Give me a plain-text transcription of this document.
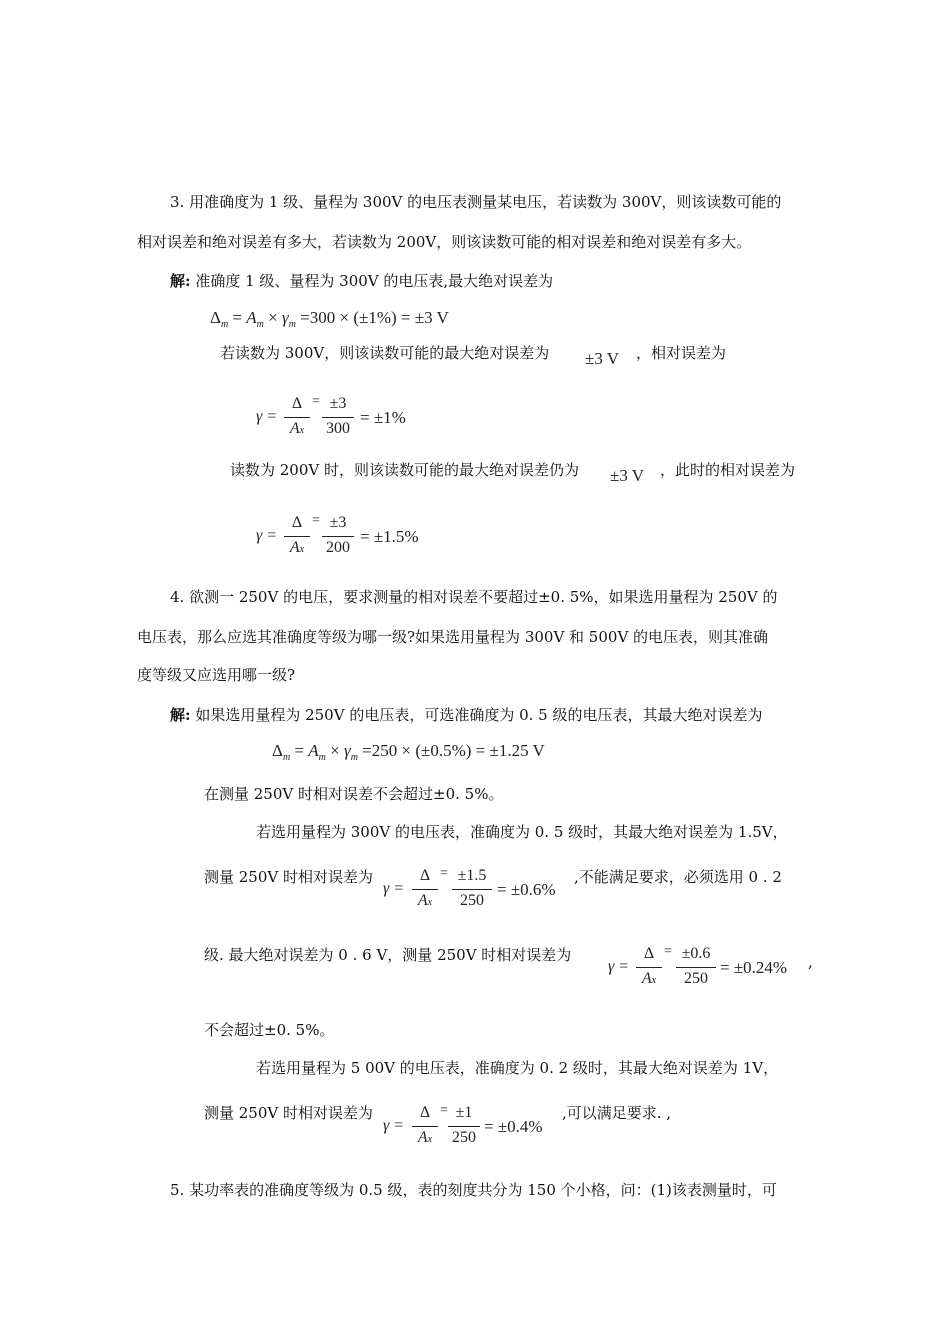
3. 用准确度为 1 级、量程为 300V 的电压表测量某电压，若读数为 300V，则该读数可能的
相对误差和绝对误差有多大，若读数为 200V，则该读数可能的相对误差和绝对误差有多大。
解: 准确度 1 级、量程为 300V 的电压表,最大绝对误差为
$\Delta_m = A_m \times \gamma_m =300 \times (\pm 1\%) = \pm 3$ V
若读数为 300V，则该读数可能的最大绝对误差为 ±3 V ，相对误差为
γ =
Δ
Ax
= ±3
300
= ±1%
读数为 200V 时，则该读数可能的最大绝对误差仍为 ±3 V ，此时的相对误差为
γ =
Δ
Ax
= ±3
200
= ±1.5%
4. 欲测一 250V 的电压，要求测量的相对误差不要超过±0. 5%，如果选用量程为 250V 的
电压表，那么应选其准确度等级为哪一级?如果选用量程为 300V 和 500V 的电压表，则其准确
度等级又应选用哪一级?
解: 如果选用量程为 250V 的电压表，可选准确度为 0. 5 级的电压表，其最大绝对误差为
$\Delta_m = A_m \times \gamma_m =250 \times (\pm 0.5\%) = \pm 1.25$ V
在测量 250V 时相对误差不会超过±0. 5%。
若选用量程为 300V 的电压表，准确度为 0. 5 级时，其最大绝对误差为 1.5V，
测量 250V 时相对误差为
γ =
Δ
Ax
= ±1.5
250
= ±0.6%
,不能满足要求，必须选用 0 . 2
级. 最大绝对误差为 0 . 6 V，测量 250V 时相对误差为
γ =
Δ
Ax
= ±0.6
250
= ±0.24% ,
不会超过±0. 5%。
若选用量程为 5 00V 的电压表，准确度为 0. 2 级时，其最大绝对误差为 1V，
测量 250V 时相对误差为
γ =
Δ
Ax
= ±1
250
= ±0.4%
,可以满足要求. ,
5. 某功率表的准确度等级为 0.5 级，表的刻度共分为 150 个小格，问：(1)该表测量时，可
